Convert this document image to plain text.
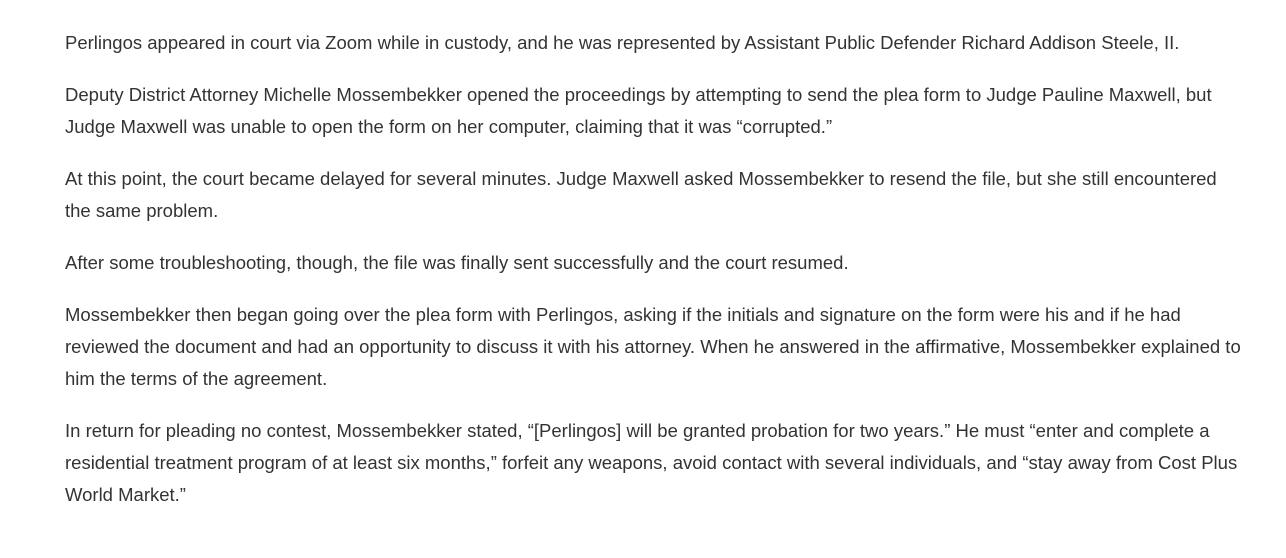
Perlingos appeared in court via Zoom while in custody, and he was represented by Assistant Public Defender Richard Addison Steele, II.

Deputy District Attorney Michelle Mossembekker opened the proceedings by attempting to send the plea form to Judge Pauline Maxwell, but Judge Maxwell was unable to open the form on her computer, claiming that it was “corrupted.”

At this point, the court became delayed for several minutes. Judge Maxwell asked Mossembekker to resend the file, but she still encountered the same problem.

After some troubleshooting, though, the file was finally sent successfully and the court resumed.

Mossembekker then began going over the plea form with Perlingos, asking if the initials and signature on the form were his and if he had reviewed the document and had an opportunity to discuss it with his attorney. When he answered in the affirmative, Mossembekker explained to him the terms of the agreement.

In return for pleading no contest, Mossembekker stated, “[Perlingos] will be granted probation for two years.” He must “enter and complete a residential treatment program of at least six months,” forfeit any weapons, avoid contact with several individuals, and “stay away from Cost Plus World Market.”
